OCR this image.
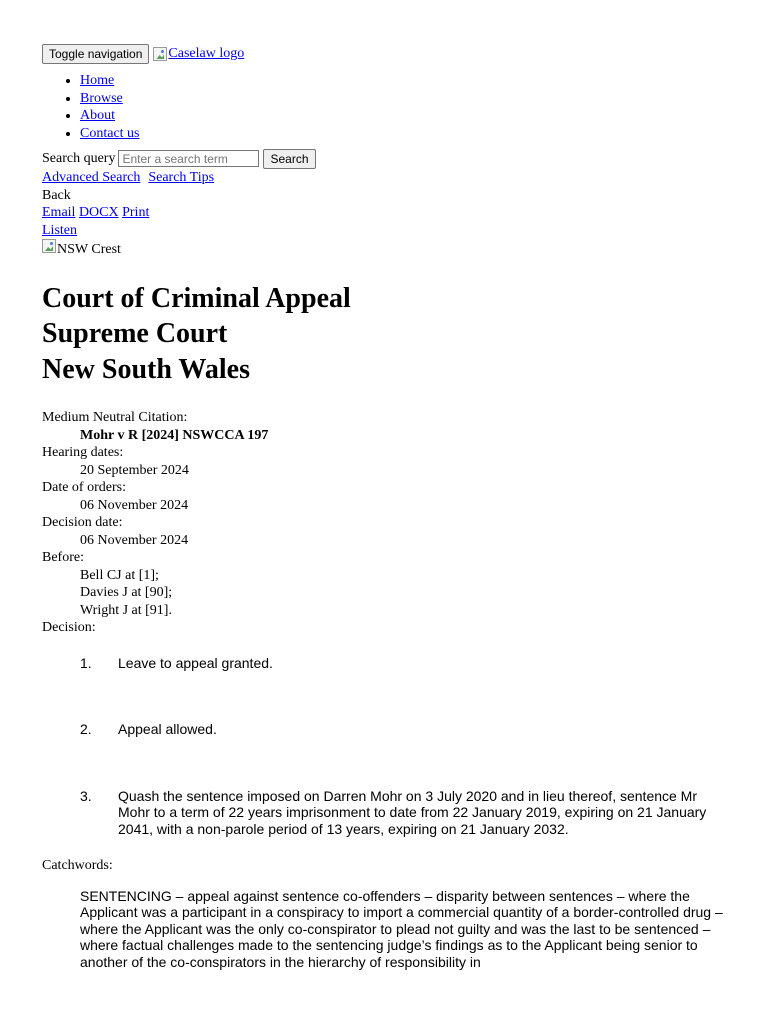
Toggle navigation	Caselaw logo
• Home
• Browse
• About
• Contact us
Search query
Enter a search term	Search
Advanced Search Search Tips
Back
Email DOCX Print
Listen
NSW Crest
Court of Criminal Appeal
Supreme Court
New South Wales
Medium Neutral Citation:
Mohr v R [2024] NSWCCA 197
Hearing dates:
20 September 2024
Date of orders:
06 November 2024
Decision date:
06 November 2024
Before:
Bell CJ at [1];
Davies J at [90];
Wright J at [91].
Decision:
1. Leave to appeal granted.
2. Appeal allowed.
3. Quash the sentence imposed on Darren Mohr on 3 July 2020 and in lieu thereof, sentence Mr Mohr to a term of 22 years imprisonment to date from 22 January 2019, expiring on 21 January 2041, with a non-parole period of 13 years, expiring on 21 January 2032.
Catchwords:
SENTENCING – appeal against sentence co-offenders – disparity between sentences – where the Applicant was a participant in a conspiracy to import a commercial quantity of a border-controlled drug – where the Applicant was the only co-conspirator to plead not guilty and was the last to be sentenced – where factual challenges made to the sentencing judge’s findings as to the Applicant being senior to another of the co-conspirators in the hierarchy of responsibility in
